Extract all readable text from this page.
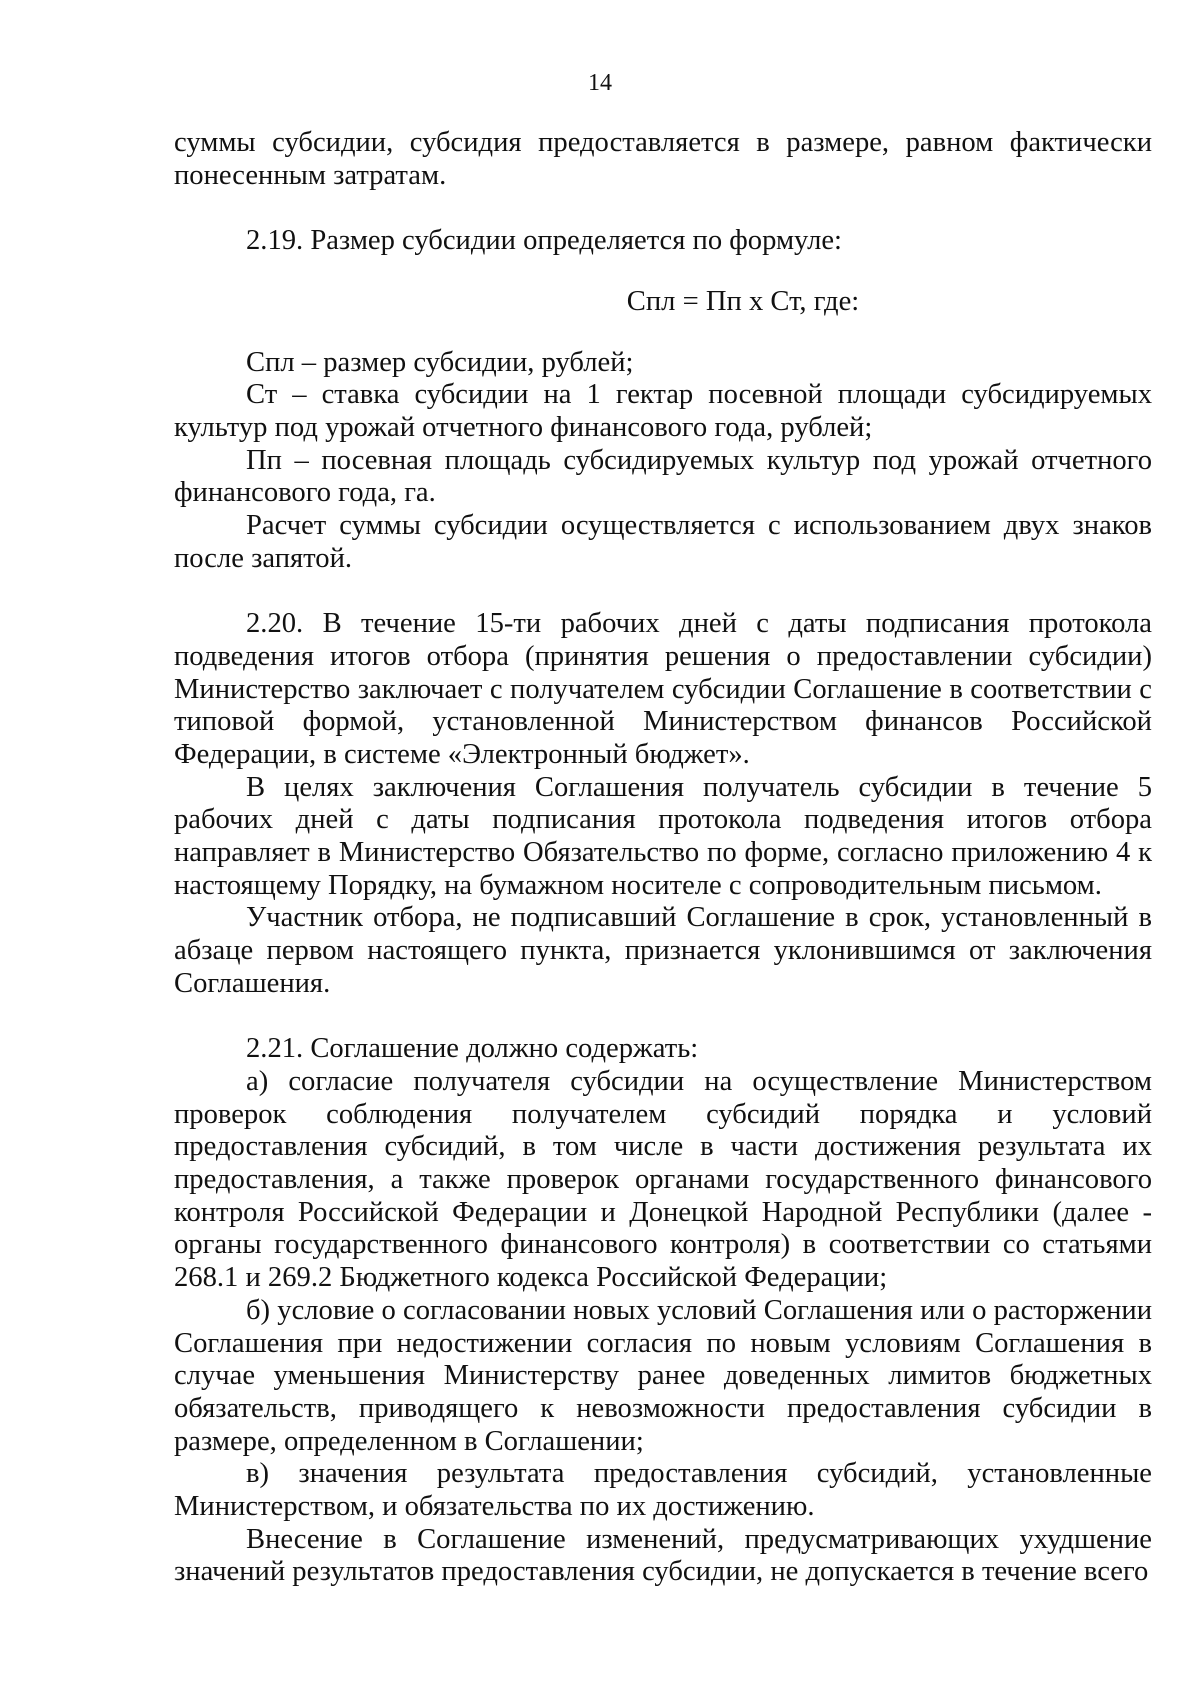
14

суммы субсидии, субсидия предоставляется в размере, равном фактически понесенным затратам.

2.19. Размер субсидии определяется по формуле:

Спл = Пп х Ст, где:

Спл – размер субсидии, рублей;

Ст – ставка субсидии на 1 гектар посевной площади субсидируемых культур под урожай отчетного финансового года, рублей;

Пп – посевная площадь субсидируемых культур под урожай отчетного финансового года, га.

Расчет суммы субсидии осуществляется с использованием двух знаков после запятой.

2.20. В течение 15-ти рабочих дней с даты подписания протокола подведения итогов отбора (принятия решения о предоставлении субсидии) Министерство заключает с получателем субсидии Соглашение в соответствии с типовой формой, установленной Министерством финансов Российской Федерации, в системе «Электронный бюджет».

В целях заключения Соглашения получатель субсидии в течение 5 рабочих дней с даты подписания протокола подведения итогов отбора направляет в Министерство Обязательство по форме, согласно приложению 4 к настоящему Порядку, на бумажном носителе с сопроводительным письмом.

Участник отбора, не подписавший Соглашение в срок, установленный в абзаце первом настоящего пункта, признается уклонившимся от заключения Соглашения.

2.21. Соглашение должно содержать:

а) согласие получателя субсидии на осуществление Министерством проверок соблюдения получателем субсидий порядка и условий предоставления субсидий, в том числе в части достижения результата их предоставления, а также проверок органами государственного финансового контроля Российской Федерации и Донецкой Народной Республики (далее - органы государственного финансового контроля) в соответствии со статьями 268.1 и 269.2 Бюджетного кодекса Российской Федерации;

б) условие о согласовании новых условий Соглашения или о расторжении Соглашения при недостижении согласия по новым условиям Соглашения в случае уменьшения Министерству ранее доведенных лимитов бюджетных обязательств, приводящего к невозможности предоставления субсидии в размере, определенном в Соглашении;

в) значения результата предоставления субсидий, установленные Министерством, и обязательства по их достижению.

Внесение в Соглашение изменений, предусматривающих ухудшение значений результатов предоставления субсидии, не допускается в течение всего
